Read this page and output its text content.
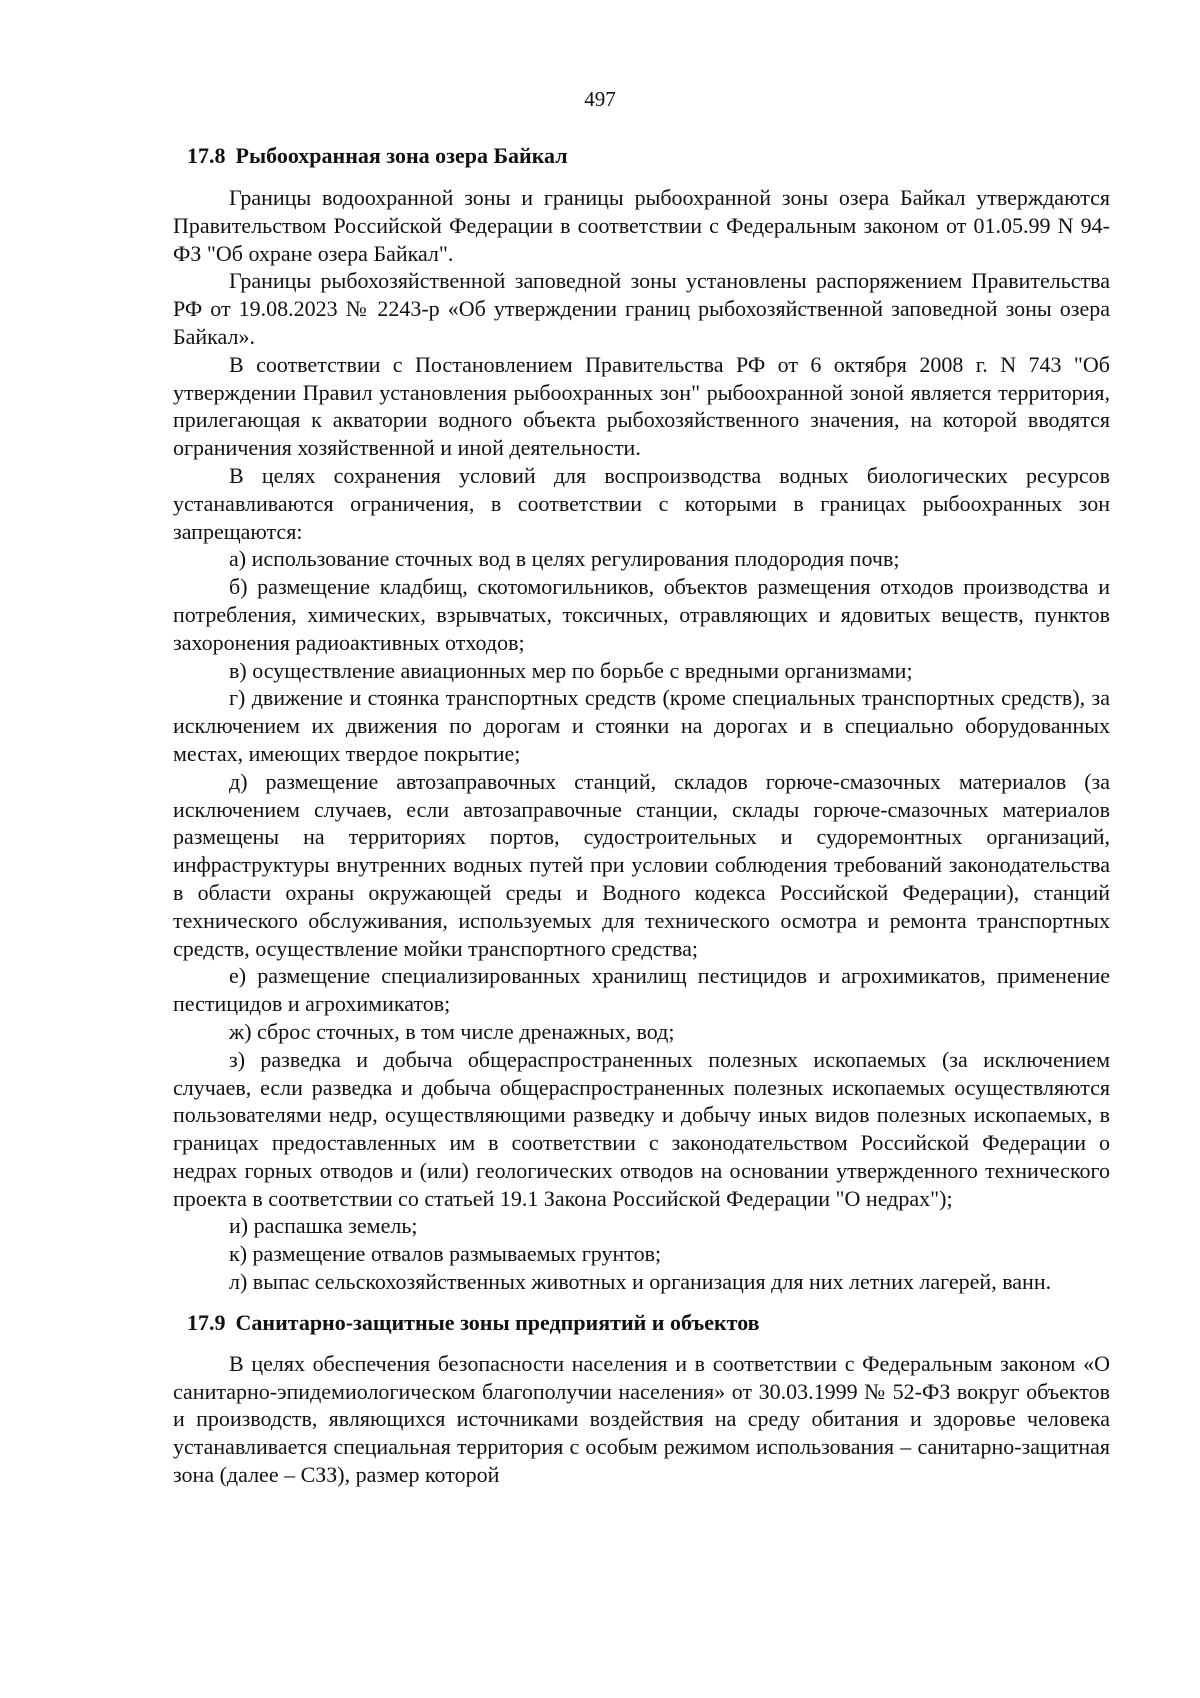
497
17.8 Рыбоохранная зона озера Байкал

Границы водоохранной зоны и границы рыбоохранной зоны озера Байкал утверждаются Правительством Российской Федерации в соответствии с Федеральным законом от 01.05.99 N 94-ФЗ "Об охране озера Байкал".

Границы рыбохозяйственной заповедной зоны установлены распоряжением Правительства РФ от 19.08.2023 № 2243-р «Об утверждении границ рыбохозяйственной заповедной зоны озера Байкал».

В соответствии с Постановлением Правительства РФ от 6 октября 2008 г. N 743 "Об утверждении Правил установления рыбоохранных зон" рыбоохранной зоной является территория, прилегающая к акватории водного объекта рыбохозяйственного значения, на которой вводятся ограничения хозяйственной и иной деятельности.

В целях сохранения условий для воспроизводства водных биологических ресурсов устанавливаются ограничения, в соответствии с которыми в границах рыбоохранных зон запрещаются:

а) использование сточных вод в целях регулирования плодородия почв;

б) размещение кладбищ, скотомогильников, объектов размещения отходов производства и потребления, химических, взрывчатых, токсичных, отравляющих и ядовитых веществ, пунктов захоронения радиоактивных отходов;

в) осуществление авиационных мер по борьбе с вредными организмами;

г) движение и стоянка транспортных средств (кроме специальных транспортных средств), за исключением их движения по дорогам и стоянки на дорогах и в специально оборудованных местах, имеющих твердое покрытие;

д) размещение автозаправочных станций, складов горюче-смазочных материалов (за исключением случаев, если автозаправочные станции, склады горюче-смазочных материалов размещены на территориях портов, судостроительных и судоремонтных организаций, инфраструктуры внутренних водных путей при условии соблюдения требований законодательства в области охраны окружающей среды и Водного кодекса Российской Федерации), станций технического обслуживания, используемых для технического осмотра и ремонта транспортных средств, осуществление мойки транспортного средства;

е) размещение специализированных хранилищ пестицидов и агрохимикатов, применение пестицидов и агрохимикатов;

ж) сброс сточных, в том числе дренажных, вод;

з) разведка и добыча общераспространенных полезных ископаемых (за исключением случаев, если разведка и добыча общераспространенных полезных ископаемых осуществляются пользователями недр, осуществляющими разведку и добычу иных видов полезных ископаемых, в границах предоставленных им в соответствии с законодательством Российской Федерации о недрах горных отводов и (или) геологических отводов на основании утвержденного технического проекта в соответствии со статьей 19.1 Закона Российской Федерации "О недрах");

и) распашка земель;

к) размещение отвалов размываемых грунтов;

л) выпас сельскохозяйственных животных и организация для них летних лагерей, ванн.

17.9 Санитарно-защитные зоны предприятий и объектов

В целях обеспечения безопасности населения и в соответствии с Федеральным законом «О санитарно-эпидемиологическом благополучии населения» от 30.03.1999 № 52-ФЗ вокруг объектов и производств, являющихся источниками воздействия на среду обитания и здоровье человека устанавливается специальная территория с особым режимом использования – санитарно-защитная зона (далее – СЗЗ), размер которой
